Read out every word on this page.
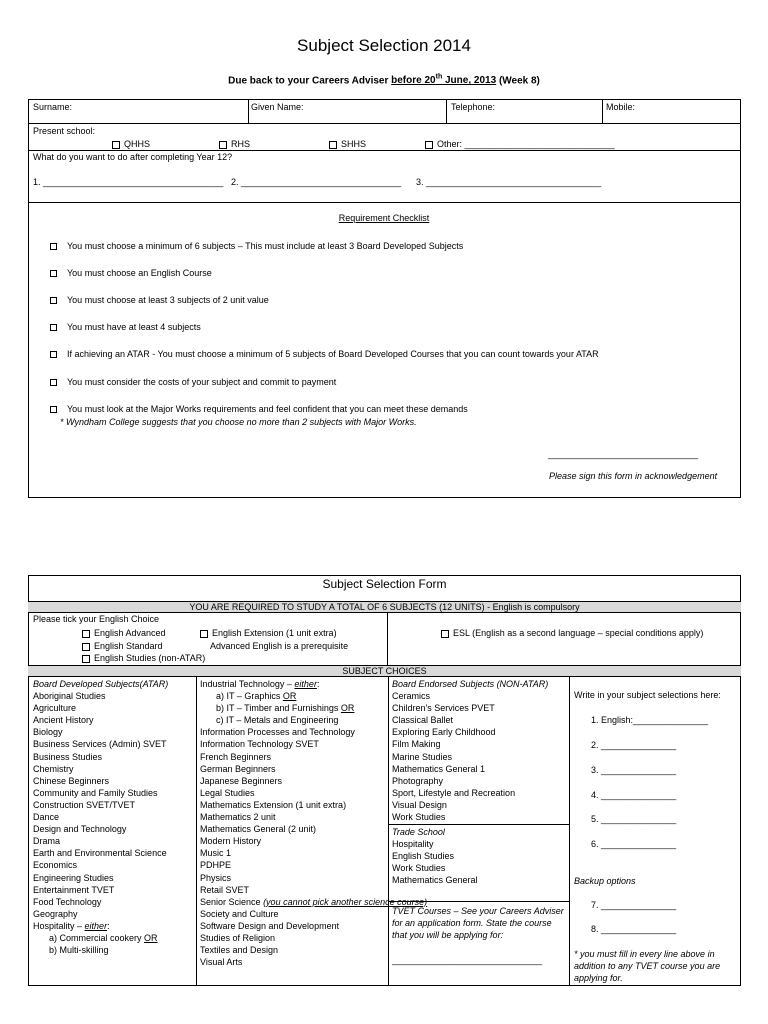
Subject Selection 2014
Due back to your Careers Adviser before 20th June, 2013 (Week 8)
Surname:	Given Name:	Telephone:	Mobile:
Present school:
QHHS	RHS	SHHS	Other: ______________________________
What do you want to do after completing Year 12?
1. ____________________________________ 2. ________________________________ 3. ___________________________________
Requirement Checklist
You must choose a minimum of 6 subjects – This must include at least 3 Board Developed Subjects
You must choose an English Course
You must choose at least 3 subjects of 2 unit value
You must have at least 4 subjects
If achieving an ATAR - You must choose a minimum of 5 subjects of Board Developed Courses that you can count towards your ATAR
You must consider the costs of your subject and commit to payment
You must look at the Major Works requirements and feel confident that you can meet these demands
* Wyndham College suggests that you choose no more than 2 subjects with Major Works.
______________________________
Please sign this form in acknowledgement
Subject Selection Form
YOU ARE REQUIRED TO STUDY A TOTAL OF 6 SUBJECTS (12 UNITS) - English is compulsory
Please tick your English Choice
English Advanced	English Extension (1 unit extra)
English Standard	Advanced English is a prerequisite
English Studies (non-ATAR)
ESL (English as a second language – special conditions apply)
SUBJECT CHOICES
Board Developed Subjects(ATAR)
Aboriginal Studies
Agriculture
Ancient History
Biology
Business Services (Admin) SVET
Business Studies
Chemistry
Chinese Beginners
Community and Family Studies
Construction SVET/TVET
Dance
Design and Technology
Drama
Earth and Environmental Science
Economics
Engineering Studies
Entertainment TVET
Food Technology
Geography
Hospitality – either:
a) Commercial cookery OR
b) Multi-skilling
Industrial Technology – either:
a) IT – Graphics OR
b) IT – Timber and Furnishings OR
c) IT – Metals and Engineering
Information Processes and Technology
Information Technology SVET
French Beginners
German Beginners
Japanese Beginners
Legal Studies
Mathematics Extension (1 unit extra)
Mathematics 2 unit
Mathematics General (2 unit)
Modern History
Music 1
PDHPE
Physics
Retail SVET
Senior Science (you cannot pick another science course)
Society and Culture
Software Design and Development
Studies of Religion
Textiles and Design
Visual Arts
Board Endorsed Subjects (NON-ATAR)
Ceramics
Children's Services PVET
Classical Ballet
Exploring Early Childhood
Film Making
Marine Studies
Mathematics General 1
Photography
Sport, Lifestyle and Recreation
Visual Design
Work Studies
Trade School
Hospitality
English Studies
Work Studies
Mathematics General
TVET Courses – See your Careers Adviser for an application form. State the course that you will be applying for:
______________________________
Write in your subject selections here:
1. English:_______________
2. _______________
3. _______________
4. _______________
5. _______________
6. _______________
Backup options
7. _______________
8. _______________
* you must fill in every line above in addition to any TVET course you are applying for.
